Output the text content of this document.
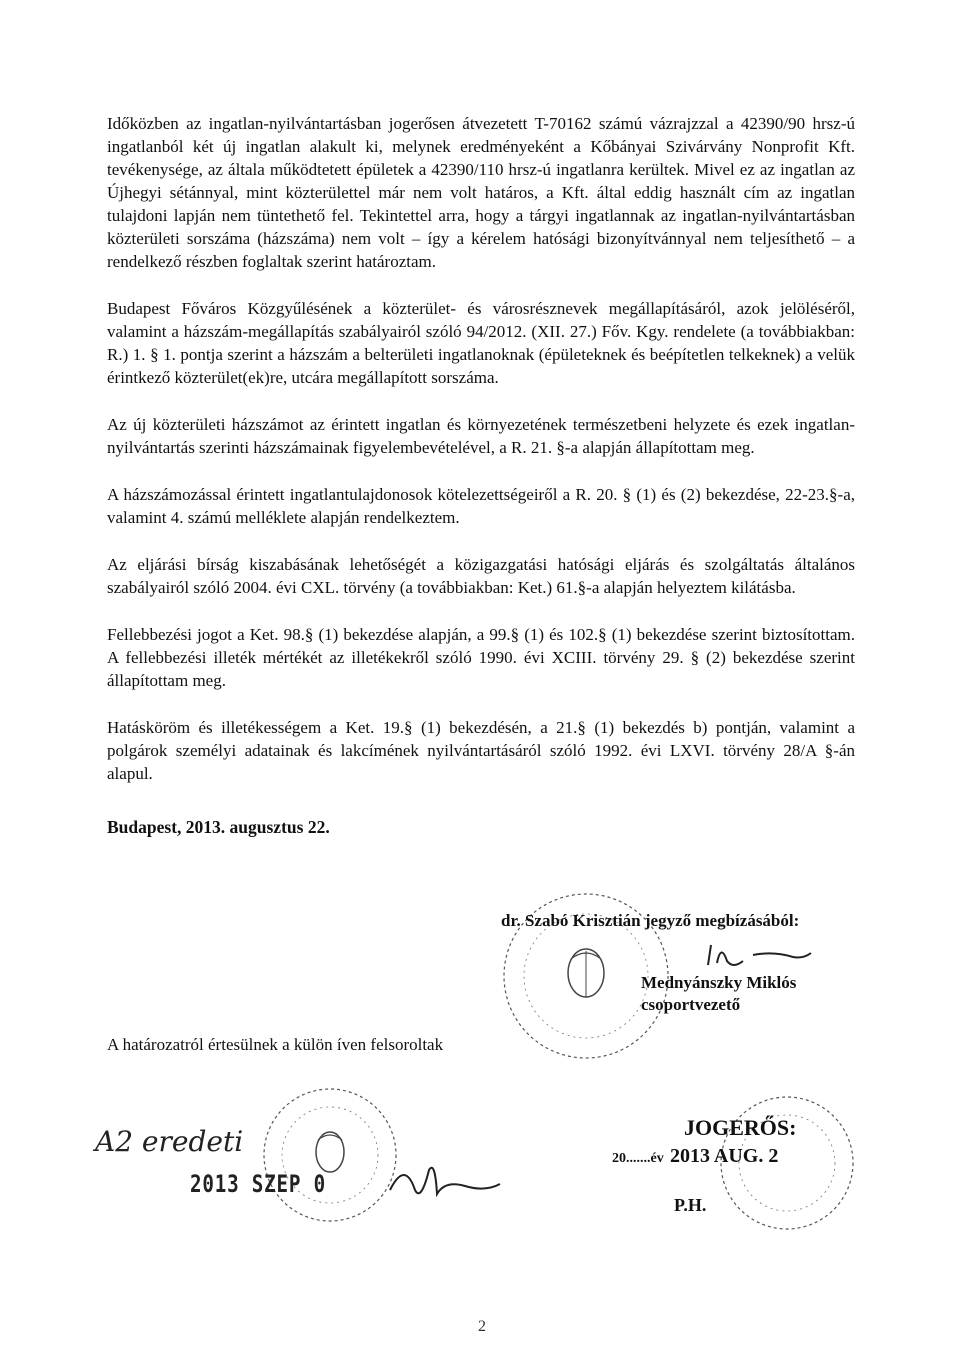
Időközben az ingatlan-nyilvántartásban jogerősen átvezetett T-70162 számú vázrajzzal a 42390/90 hrsz-ú ingatlanból két új ingatlan alakult ki, melynek eredményeként a Kőbányai Szivárvány Nonprofit Kft. tevékenysége, az általa működtetett épületek a 42390/110 hrsz-ú ingatlanra kerültek. Mivel ez az ingatlan az Újhegyi sétánnyal, mint közterülettel már nem volt határos, a Kft. által eddig használt cím az ingatlan tulajdoni lapján nem tüntethető fel. Tekintettel arra, hogy a tárgyi ingatlannak az ingatlan-nyilvántartásban közterületi sorszáma (házszáma) nem volt – így a kérelem hatósági bizonyítvánnyal nem teljesíthető – a rendelkező részben foglaltak szerint határoztam.

Budapest Főváros Közgyűlésének a közterület- és városrésznevek megállapításáról, azok jelöléséről, valamint a házszám-megállapítás szabályairól szóló 94/2012. (XII. 27.) Főv. Kgy. rendelete (a továbbiakban: R.) 1. § 1. pontja szerint a házszám a belterületi ingatlanoknak (épületeknek és beépítetlen telkeknek) a velük érintkező közterület(ek)re, utcára megállapított sorszáma.

Az új közterületi házszámot az érintett ingatlan és környezetének természetbeni helyzete és ezek ingatlan-nyilvántartás szerinti házszámainak figyelembevételével, a R. 21. §-a alapján állapítottam meg.

A házszámozással érintett ingatlantulajdonosok kötelezettségeiről a R. 20. § (1) és (2) bekezdése, 22-23.§-a, valamint 4. számú melléklete alapján rendelkeztem.

Az eljárási bírság kiszabásának lehetőségét a közigazgatási hatósági eljárás és szolgáltatás általános szabályairól szóló 2004. évi CXL. törvény (a továbbiakban: Ket.) 61.§-a alapján helyeztem kilátásba.

Fellebbezési jogot a Ket. 98.§ (1) bekezdése alapján, a 99.§ (1) és 102.§ (1) bekezdése szerint biztosítottam. A fellebbezési illeték mértékét az illetékekről szóló 1990. évi XCIII. törvény 29. § (2) bekezdése szerint állapítottam meg.

Hatásköröm és illetékességem a Ket. 19.§ (1) bekezdésén, a 21.§ (1) bekezdés b) pontján, valamint a polgárok személyi adatainak és lakcímének nyilvántartásáról szóló 1992. évi LXVI. törvény 28/A §-án alapul.

Budapest, 2013. augusztus 22.

dr. Szabó Krisztián jegyző megbízásából:
Mednyánszky Miklós
csoportvezető
A határozatról értesülnek a külön íven felsoroltak
A2 eredeti
2013 SZEP 0
JOGERŐS:
20.......év 2013 AUG. 2
P.H.
2
